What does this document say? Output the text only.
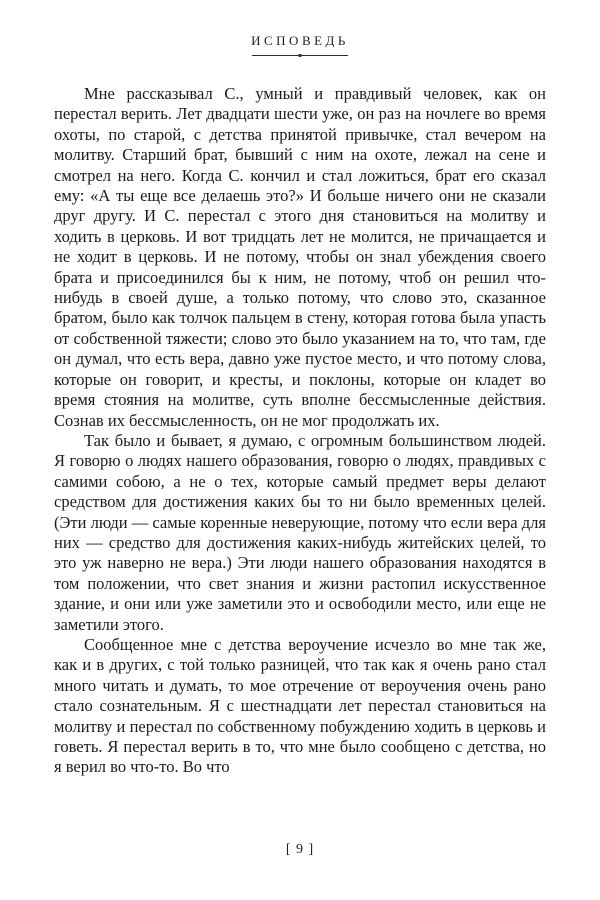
ИСПОВЕДЬ

Мне рассказывал С., умный и правдивый человек, как он перестал верить. Лет двадцати шести уже, он раз на ночлеге во время охоты, по старой, с детства принятой привычке, стал вечером на молитву. Старший брат, бывший с ним на охоте, лежал на сене и смотрел на него. Когда С. кончил и стал ложиться, брат его сказал ему: «А ты еще все делаешь это?» И больше ничего они не сказали друг другу. И С. перестал с этого дня становиться на молитву и ходить в церковь. И вот тридцать лет не молится, не причащается и не ходит в церковь. И не потому, чтобы он знал убеждения своего брата и присоединился бы к ним, не потому, чтоб он решил что-нибудь в своей душе, а только потому, что слово это, сказанное братом, было как толчок пальцем в стену, которая готова была упасть от собственной тяжести; слово это было указанием на то, что там, где он думал, что есть вера, давно уже пустое место, и что потому слова, которые он говорит, и кресты, и поклоны, которые он кладет во время стояния на молитве, суть вполне бессмысленные действия. Сознав их бессмысленность, он не мог продолжать их.

Так было и бывает, я думаю, с огромным большинством людей. Я говорю о людях нашего образования, говорю о людях, правдивых с самими собою, а не о тех, которые самый предмет веры делают средством для достижения каких бы то ни было временных целей. (Эти люди — самые коренные неверующие, потому что если вера для них — средство для достижения каких-нибудь житейских целей, то это уж наверно не вера.) Эти люди нашего образования находятся в том положении, что свет знания и жизни растопил искусственное здание, и они или уже заметили это и освободили место, или еще не заметили этого.

Сообщенное мне с детства вероучение исчезло во мне так же, как и в других, с той только разницей, что так как я очень рано стал много читать и думать, то мое отречение от вероучения очень рано стало сознательным. Я с шестнадцати лет перестал становиться на молитву и перестал по собственному побуждению ходить в церковь и говеть. Я перестал верить в то, что мне было сообщено с детства, но я верил во что-то. Во что

[ 9 ]
